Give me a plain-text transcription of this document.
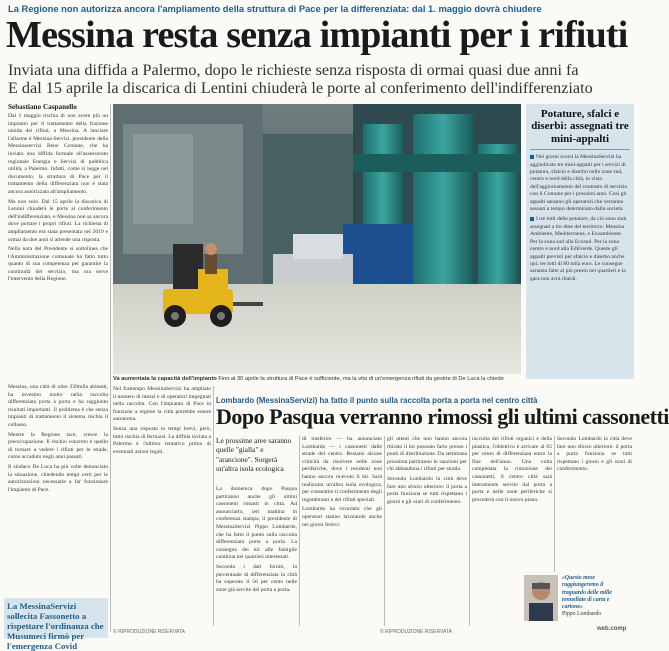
La Regione non autorizza ancora l'ampliamento della struttura di Pace per la differenziata: dal 1. maggio dovrà chiudere
Messina resta senza impianti per i rifiuti
Inviata una diffida a Palermo, dopo le richieste senza risposta di ormai quasi due anni fa
E dal 15 aprile la discarica di Lentini chiuderà le porte al conferimento dell'indifferenziato
Sebastiano Caspanello

Dal 1 maggio rischia di non avere più un impianto per il trattamento della frazione umida dei rifiuti, a Messina. A lanciare l'allarme è Messina-Servizi, presidente della Messinaservizi Bene Comune, che ha inviato una diffida formale all'assessorato regionale Energia e Servizi di pubblica utilità, a Palermo. Infatti, come si legge nel documento, la struttura di Pace per il trattamento della differenziata non è stata ancora autorizzata all'ampliamento.

Ma non solo. Dal 15 aprile la discarica di Lentini chiuderà le porte al conferimento dell'indifferenziato, e Messina non sa ancora dove portare i propri rifiuti. La richiesta di ampliamento era stata presentata nel 2019 e ormai da due anni si attende una risposta.

Nella nota del Presidente si sottolinea che l'Amministrazione comunale ha fatto tutto quanto di sua competenza per garantire la continuità del servizio, ma ora serve l'intervento della Regione.

Messina, una città di oltre 230mila abitanti, ha investito molto nella raccolta differenziata porta a porta e ha raggiunto risultati importanti. Il problema è che senza impianti di trattamento il sistema rischia il collasso.

Mentre la Regione tace, cresce la preoccupazione. Il rischio concreto è quello di tornare a vedere i rifiuti per le strade, come accaduto negli anni passati.

Il sindaco De Luca ha più volte denunciato la situazione, chiedendo tempi certi per le autorizzazioni necessarie a far funzionare l'impianto di Pace.

Nel frattempo MessinaServizi ha ampliato il numero di mezzi e di operatori impegnati nella raccolta. Con l'impianto di Pace in funzione a regime la città potrebbe essere autonoma.

Senza una risposta in tempi brevi, però, tutto rischia di fermarsi. La diffida inviata a Palermo è l'ultimo tentativo prima di eventuali azioni legali.

Va aumentata la capacità dell'impianto Fino al 30 aprile la struttura di Pace è sufficiente, ma la vita di un'emergenza rifiuti da gestire di De Luca la chiede
Potature, sfalci e diserbi: assegnati tre mini-appalti

Nei giorni scorsi la MessinaServizi ha aggiudicato tre mini-appalti per i servizi di potatura, sfalcio e diserbo nelle zone sud, centro e nord della città, in vista dell'aggiornamento del contratto di servizio con il Comune per i prossimi anni. Così gli appalti saranno gli operatori che verranno assunti a tempo determinato dalla società.

I tre lotti delle potature, da ciò sono stati assegnati a tre ditte del territorio: Messina Ambiente, Mediterranea, e Ecoambiente. Per la zona sud alla Ecosud. Per la zona centro e nord alla Edilverde. Queste gli appalti previsti per sfalcio e diserbo anche qui, tre lotti di 80 mila euro. Le consegne saranno fatte al più presto nei quartieri e la gara non avrà ritardi.

Lombardo (MessinaServizi) ha fatto il punto sulla raccolta porta a porta nel centro città
Dopo Pasqua verranno rimossi gli ultimi cassonetti
Le prossime aree saranno quelle "gialla" e "arancione". Sorgerà un'altra isola ecologica

La domenica dopo Pasqua partiranno anche gli ultimi cassonetti rimasti in città. Ad annunciarlo, ieri mattina in conferenza stampa, il presidente di MessinaServizi Pippo Lombardo, che ha fatto il punto sulla raccolta differenziata porta a porta. La consegna dei kit alle famiglie continua nei quartieri interessati.

Secondo i dati forniti, la percentuale di differenziata in città ha superato il 50 per cento nelle zone già servite dal porta a porta.

di trasferire — ha annunciato Lombardo — i cassonetti dalle strade del centro. Restano alcune criticità da risolvere nelle zone periferiche, dove i residenti non hanno ancora ricevuto il kit. Sarà realizzata un'altra isola ecologica, per consentire il conferimento degli ingombranti e dei rifiuti speciali.

Lombardo ha ricordato che gli operatori stanno lavorando anche nei giorni festivi.

gli utenti che non hanno ancora ritirato il kit possono farlo presso i punti di distribuzione. Da settimana prossima partiranno le sanzioni per chi abbandona i rifiuti per strada.

Secondo Lombardo la città deve fare uno sforzo ulteriore: il porta a porta funziona se tutti rispettano i giorni e gli orari di conferimento.

raccolta dei rifiuti organici e della plastica, l'obiettivo è arrivare al 65 per cento di differenziata entro la fine dell'anno. Una volta completata la rimozione dei cassonetti, il centro città sarà interamente servito dal porta a porta e nelle zone periferiche si procederà con il nuovo piano.

Secondo Lombardo la città deve fare uno sforzo ulteriore: il porta a porta funziona se tutti rispettano i giorni e gli orari di conferimento.

«Questo mese raggiungeremo il traguardo delle mille tonnellate di carta e cartone»
Pippo Lombardo
La MessinaServizi sollecita Fassonetto a rispettare l'ordinanza che Musumeci firmò per l'emergenza Covid
© RIPRODUZIONE RISERVATA	© RIPRODUZIONE RISERVATA	web.comp
